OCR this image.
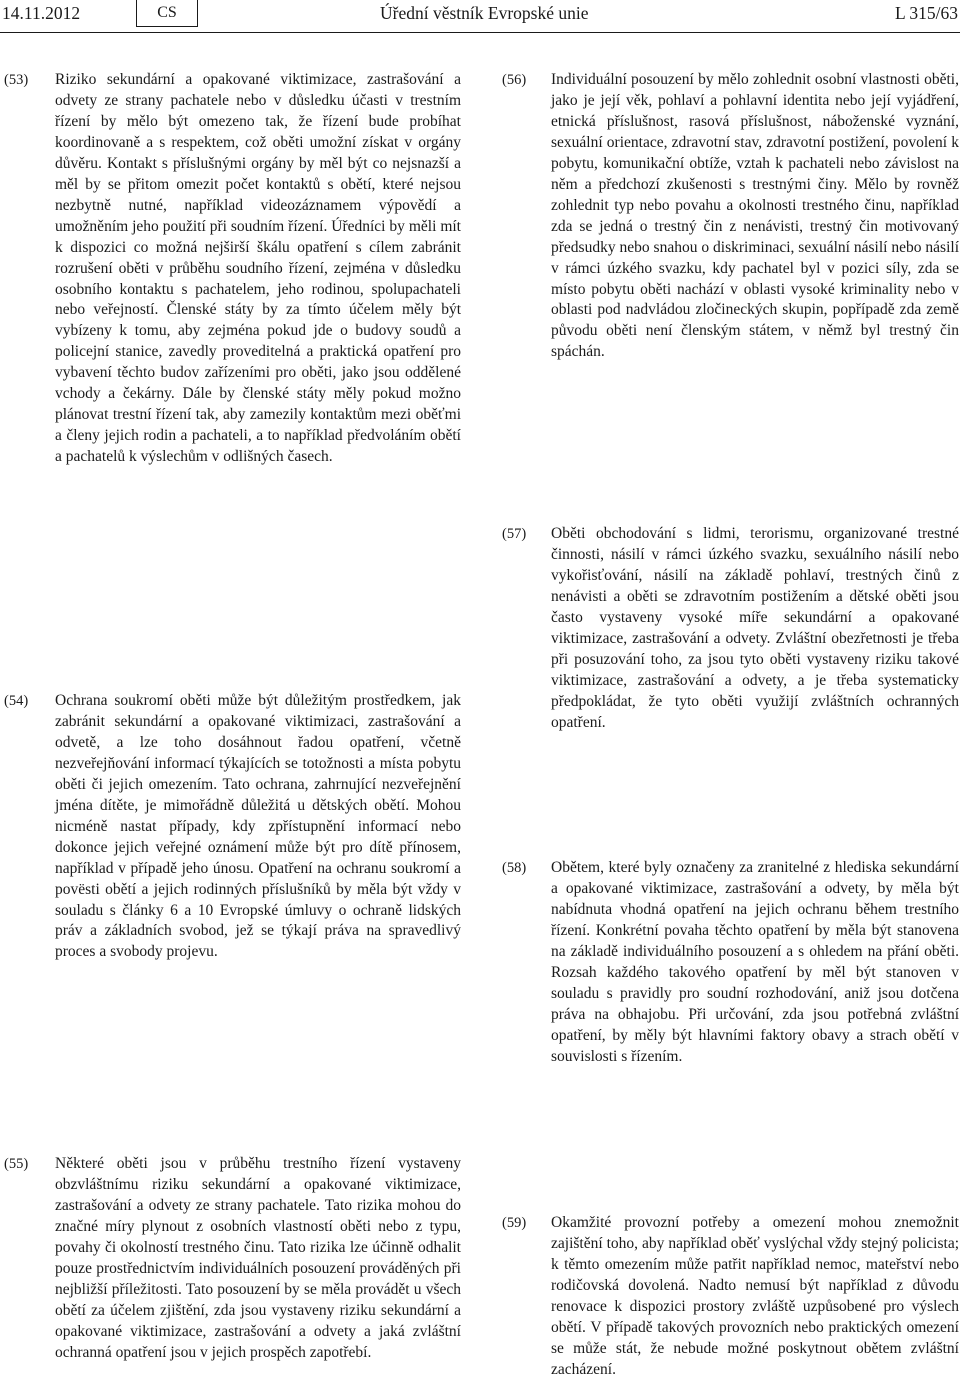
14.11.2012	CS	Úřední věstník Evropské unie	L 315/63
(53) Riziko sekundární a opakované viktimizace, zastrašování a odvety ze strany pachatele nebo v důsledku účasti v trestním řízení by mělo být omezeno tak, že řízení bude probíhat koordinovaně a s respektem, což oběti umožní získat v orgány důvěru. Kontakt s příslušnými orgány by měl být co nejsnazší a měl by se přitom omezit počet kontaktů s obětí, které nejsou nezbytně nutné, například videozáznamem výpovědí a umožněním jeho použití při soudním řízení. Úředníci by měli mít k dispozici co možná nejširší škálu opatření s cílem zabránit rozrušení oběti v průběhu soudního řízení, zejména v důsledku osobního kontaktu s pachatelem, jeho rodinou, spolupachateli nebo veřejností. Členské státy by za tímto účelem měly být vybízeny k tomu, aby zejména pokud jde o budovy soudů a policejní stanice, zavedly proveditelná a praktická opatření pro vybavení těchto budov zařízeními pro oběti, jako jsou oddělené vchody a čekárny. Dále by členské státy měly pokud možno plánovat trestní řízení tak, aby zamezily kontaktům mezi oběťmi a členy jejich rodin a pachateli, a to například předvoláním obětí a pachatelů k výslechům v odlišných časech.
(54) Ochrana soukromí oběti může být důležitým prostředkem, jak zabránit sekundární a opakované viktimizaci, zastrašování a odvetě, a lze toho dosáhnout řadou opatření, včetně nezveřejňování informací týkajících se totožnosti a místa pobytu oběti či jejich omezením. Tato ochrana, zahrnující nezveřejnění jména dítěte, je mimořádně důležitá u dětských obětí. Mohou nicméně nastat případy, kdy zpřístupnění informací nebo dokonce jejich veřejné oznámení může být pro dítě přínosem, například v případě jeho únosu. Opatření na ochranu soukromí a povësti obětí a jejich rodinných příslušníků by měla být vždy v souladu s články 6 a 10 Evropské úmluvy o ochraně lidských práv a základních svobod, jež se týkají práva na spravedlivý proces a svobody projevu.
(55) Některé oběti jsou v průběhu trestního řízení vystaveny obzvláštnímu riziku sekundární a opakované viktimizace, zastrašování a odvety ze strany pachatele. Tato rizika mohou do značné míry plynout z osobních vlastností oběti nebo z typu, povahy či okolností trestného činu. Tato rizika lze účinně odhalit pouze prostřednictvím individuálních posouzení prováděných při nejbližší příležitosti. Tato posouzení by se měla provádět u všech obětí za účelem zjištění, zda jsou vystaveny riziku sekundární a opakované viktimizace, zastrašování a odvety a jaká zvláštní ochranná opatření jsou v jejich prospěch zapotřebí.
(56) Individuální posouzení by mělo zohlednit osobní vlastnosti oběti, jako je její věk, pohlaví a pohlavní identita nebo její vyjádření, etnická příslušnost, rasová příslušnost, náboženské vyznání, sexuální orientace, zdravotní stav, zdravotní postižení, povolení k pobytu, komunikační obtíže, vztah k pachateli nebo závislost na něm a předchozí zkušenosti s trestnými činy. Mělo by rovněž zohlednit typ nebo povahu a okolnosti trestného činu, například zda se jedná o trestný čin z nenávisti, trestný čin motivovaný předsudky nebo snahou o diskriminaci, sexuální násilí nebo násilí v rámci úzkého svazku, kdy pachatel byl v pozici síly, zda se místo pobytu oběti nachází v oblasti vysoké kriminality nebo v oblasti pod nadvládou zločineckých skupin, popřípadě zda země původu oběti není členským státem, v němž byl trestný čin spáchán.
(57) Oběti obchodování s lidmi, terorismu, organizované trestné činnosti, násilí v rámci úzkého svazku, sexuálního násilí nebo vykořisťování, násilí na základě pohlaví, trestných činů z nenávisti a oběti se zdravotním postižením a dětské oběti jsou často vystaveny vysoké míře sekundární a opakované viktimizace, zastrašování a odvety. Zvláštní obezřetnosti je třeba při posuzování toho, za jsou tyto oběti vystaveny riziku takové viktimizace, zastrašování a odvety, a je třeba systematicky předpokládat, že tyto oběti využijí zvláštních ochranných opatření.
(58) Obětem, které byly označeny za zranitelné z hlediska sekundární a opakované viktimizace, zastrašování a odvety, by měla být nabídnuta vhodná opatření na jejich ochranu během trestního řízení. Konkrétní povaha těchto opatření by měla být stanovena na základě individuálního posouzení a s ohledem na přání oběti. Rozsah každého takového opatření by měl být stanoven v souladu s pravidly pro soudní rozhodování, aniž jsou dotčena práva na obhajobu. Při určování, zda jsou potřebná zvláštní opatření, by měly být hlavními faktory obavy a strach obětí v souvislosti s řízením.
(59) Okamžité provozní potřeby a omezení mohou znemožnit zajištění toho, aby například oběť vyslýchal vždy stejný policista; k těmto omezením může patřit například nemoc, mateřství nebo rodičovská dovolená. Nadto nemusí být například z důvodu renovace k dispozici prostory zvláště uzpůsobené pro výslech obětí. V případě takových provozních nebo praktických omezení se může stát, že nebude možné poskytnout obětem zvláštní zacházení.
